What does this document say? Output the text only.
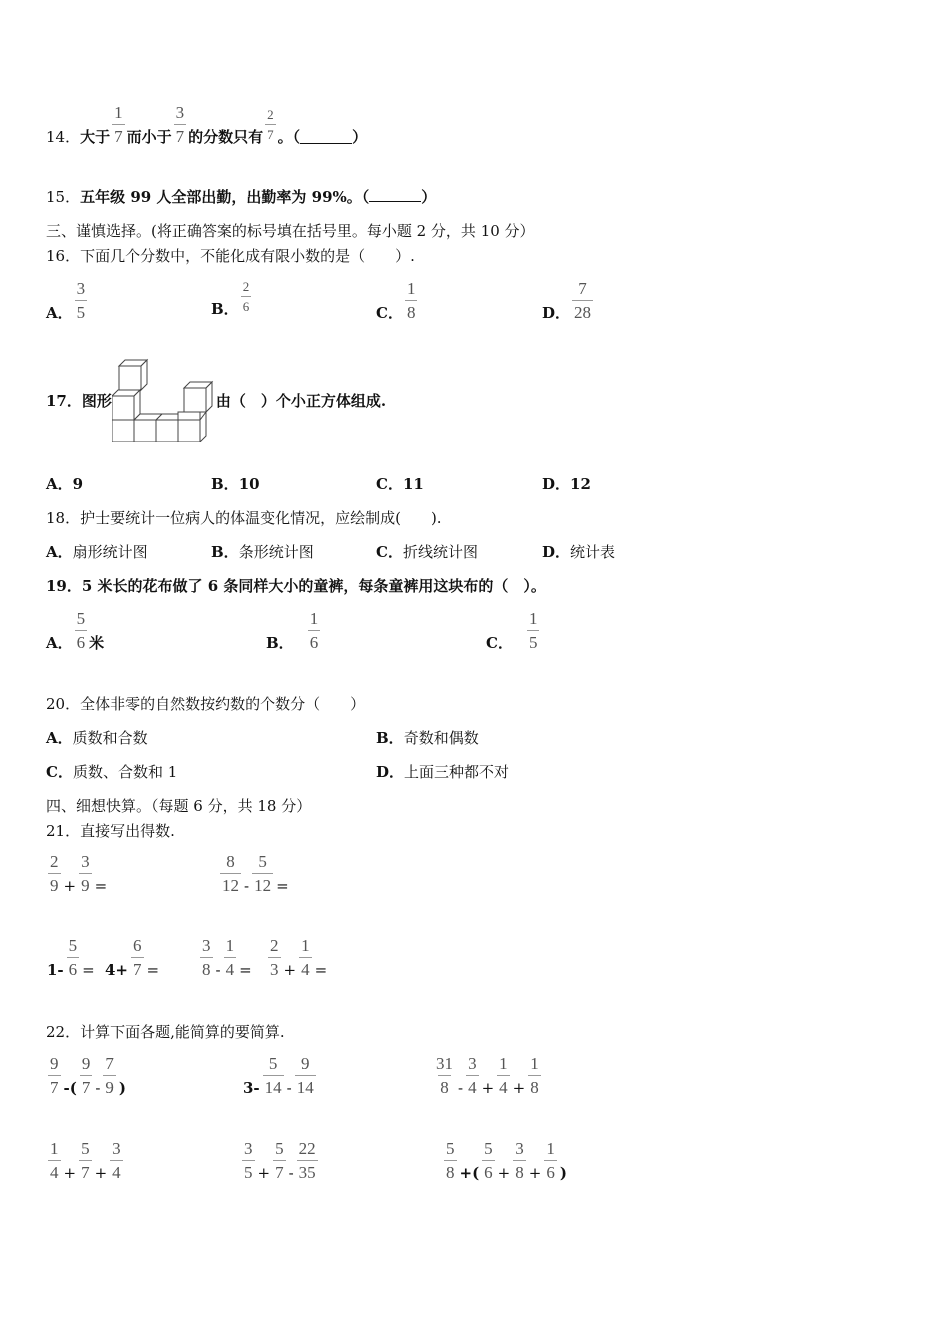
14． 大于 $\frac{1}{7}$ 而小于 $\frac{3}{7}$ 的分数只有 $\frac{2}{7}$ 。（	）
15．五年级 99 人全部出勤，出勤率为 99%。（	）
三、谨慎选择。(将正确答案的标号填在括号里。每小题 2 分，共 10 分）
16．下面几个分数中，不能化成有限小数的是（　　）.
A． $\frac{3}{5}$	B． $\frac{2}{6}$	C． $\frac{1}{8}$	D． $\frac{7}{28}$
17．图形	由（　）个小正方体组成.
A．9	B．10	C．11	D．12
18．护士要统计一位病人的体温变化情况，应绘制成(　　).
A．扇形统计图	B．条形统计图	C．折线统计图	D．统计表
19．5 米长的花布做了 6 条同样大小的童裤，每条童裤用这块布的（　）。
A． $\frac{5}{6}$ 米	B． $\frac{1}{6}$	C． $\frac{1}{5}$
20．全体非零的自然数按约数的个数分（　　）
A．质数和合数	B．奇数和偶数
C．质数、合数和 1	D．上面三种都不对
四、细想快算。（每题 6 分，共 18 分）
21．直接写出得数.
$\frac{2}{9} + \frac{3}{9}$ =	$\frac{8}{12} - \frac{5}{12}$ =
$1- \frac{5}{6} = 4+ \frac{6}{7} = \frac{3}{8} - \frac{1}{4} = \frac{2}{3} + \frac{1}{4}$ =
22．计算下面各题,能简算的要简算.
$\frac{9}{7}$ -( $\frac{9}{7} - \frac{7}{9}$ )	$3- \frac{5}{14} - \frac{9}{14}$	$\frac{31}{8} - \frac{3}{4} + \frac{1}{4} + \frac{1}{8}$
$\frac{1}{4} + \frac{5}{7} + \frac{3}{4}$	$\frac{3}{5} + \frac{5}{7} - \frac{22}{35}$	$\frac{5}{8}$ +( $\frac{5}{6} + \frac{3}{8} + \frac{1}{6}$ )
